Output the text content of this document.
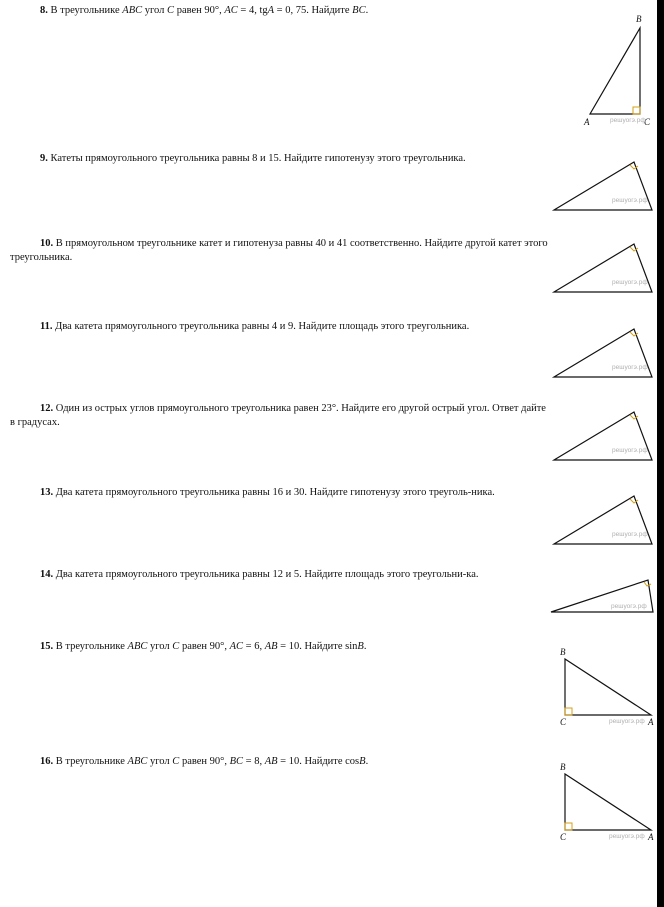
8. В треугольнике ABC угол C равен 90°, AC = 4, tgA = 0, 75. Найдите BC.
B
A	C
решуогэ.рф
9. Катеты прямоугольного треугольника равны 8 и 15. Найдите гипотенузу этого треугольника.
решуогэ.рф
10. В прямоугольном треугольнике катет и гипотенуза равны 40 и 41 соответственно. Найдите другой катет этого треугольника.
решуогэ.рф
11. Два катета прямоугольного треугольника равны 4 и 9. Найдите площадь этого треугольника.
решуогэ.рф
12. Один из острых углов прямоугольного треугольника равен 23°. Найдите его другой острый угол. Ответ дайте в градусах.
решуогэ.рф
13. Два катета прямоугольного треугольника равны 16 и 30. Найдите гипотенузу этого треуголь-ника.
решуогэ.рф
14. Два катета прямоугольного треугольника равны 12 и 5. Найдите площадь этого треугольни-ка.
решуогэ.рф
15. В треугольнике ABC угол C равен 90°, AC = 6, AB = 10. Найдите sinB.	B
C	A
решуогэ.рф
16. В треугольнике ABC угол C равен 90°, BC = 8, AB = 10. Найдите cosB.	B
C	A
решуогэ.рф
